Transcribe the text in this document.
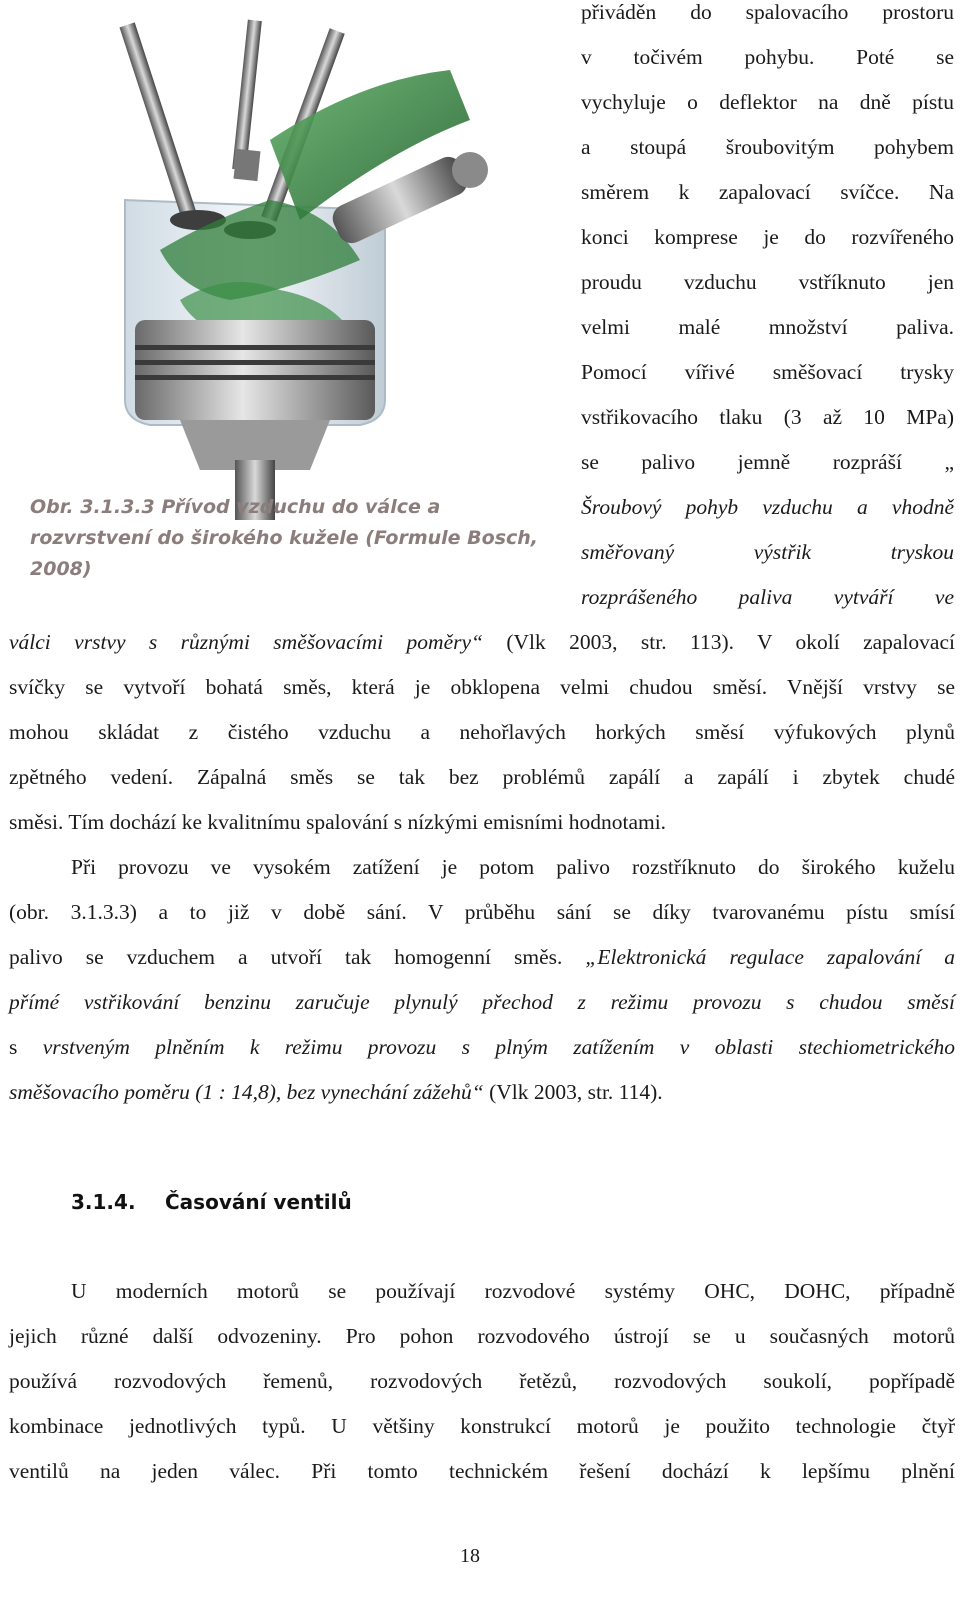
Obr. 3.1.3.3 Přívod vzduchu do válce a rozvrstvení do širokého kužele (Formule Bosch, 2008)
přiváděn do spalovacího prostoru
v točivém pohybu. Poté se
vychyluje o deflektor na dně pístu
a stoupá šroubovitým pohybem
směrem k zapalovací svíčce. Na
konci komprese je do rozvířeného
proudu vzduchu vstříknuto jen
velmi malé množství paliva.
Pomocí vířivé směšovací trysky
vstřikovacího tlaku (3 až 10 MPa)
se palivo jemně rozpráší „
Šroubový pohyb vzduchu a vhodně
směřovaný výstřik tryskou
rozprášeného paliva vytváří ve
válci vrstvy s různými směšovacími poměry“ (Vlk 2003, str. 113). V okolí zapalovací
svíčky se vytvoří bohatá směs, která je obklopena velmi chudou směsí. Vnější vrstvy se
mohou skládat z čistého vzduchu a nehořlavých horkých směsí výfukových plynů
zpětného vedení. Zápalná směs se tak bez problémů zapálí a zapálí i zbytek chudé
směsi. Tím dochází ke kvalitnímu spalování s nízkými emisními hodnotami.
Při provozu ve vysokém zatížení je potom palivo rozstříknuto do širokého kuželu
(obr. 3.1.3.3) a to již v době sání. V průběhu sání se díky tvarovanému pístu smísí
palivo se vzduchem a utvoří tak homogenní směs. „Elektronická regulace zapalování a
přímé vstřikování benzinu zaručuje plynulý přechod z režimu provozu s chudou směsí
s vrstveným plněním k režimu provozu s plným zatížením v oblasti stechiometrického
směšovacího poměru (1 : 14,8), bez vynechání zážehů“ (Vlk 2003, str. 114).
3.1.4. Časování ventilů
U moderních motorů se používají rozvodové systémy OHC, DOHC, případně
jejich různé další odvozeniny. Pro pohon rozvodového ústrojí se u současných motorů
používá rozvodových řemenů, rozvodových řetězů, rozvodových soukolí, popřípadě
kombinace jednotlivých typů. U většiny konstrukcí motorů je použito technologie čtyř
ventilů na jeden válec. Při tomto technickém řešení dochází k lepšímu plnění
18
